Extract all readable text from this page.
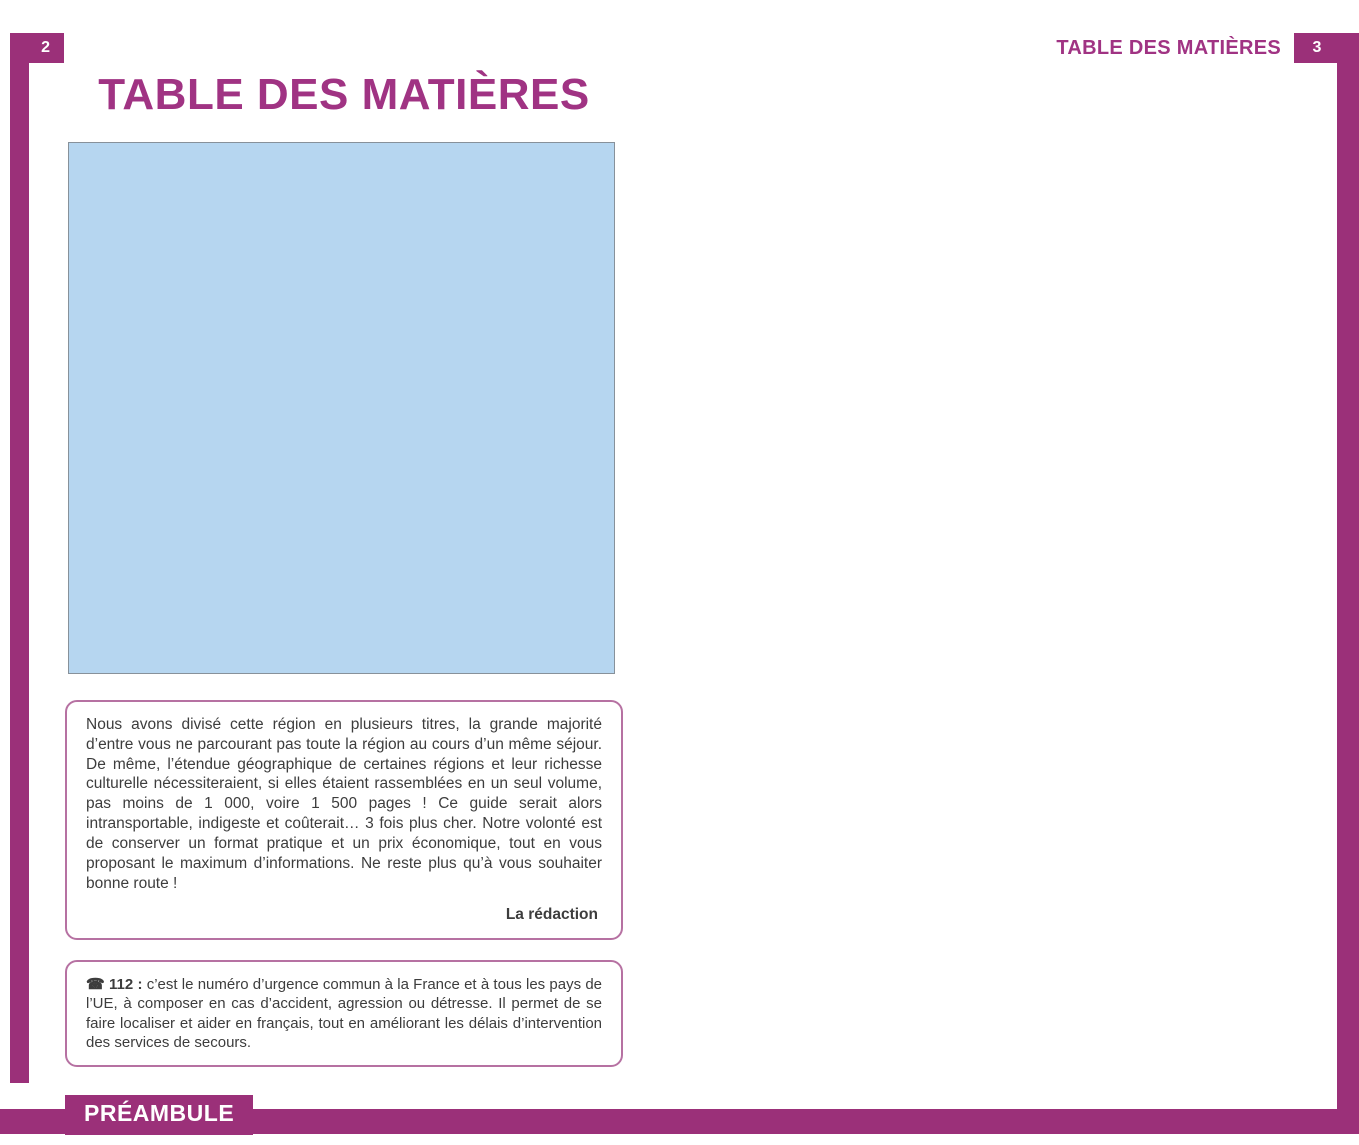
2	3
TABLE DES MATIÈRES
Nous avons divisé cette région en plusieurs titres, la grande majorité d’entre vous ne parcourant pas toute la région au cours d’un même séjour. De même, l’étendue géographique de certaines régions et leur richesse culturelle nécessiteraient, si elles étaient rassemblées en un seul volume, pas moins de 1 000, voire 1 500 pages ! Ce guide serait alors intransportable, indigeste et coûterait… 3 fois plus cher. Notre volonté est de conserver un format pratique et un prix économique, tout en vous proposant le maximum d’informations. Ne reste plus qu’à vous souhaiter bonne route !
La rédaction
☎ 112 : c’est le numéro d’urgence commun à la France et à tous les pays de l’UE, à composer en cas d’accident, agression ou détresse. Il permet de se faire localiser et aider en français, tout en améliorant les délais d’intervention des services de secours.
PRÉAMBULE
TABLE DES MATIÈRES
